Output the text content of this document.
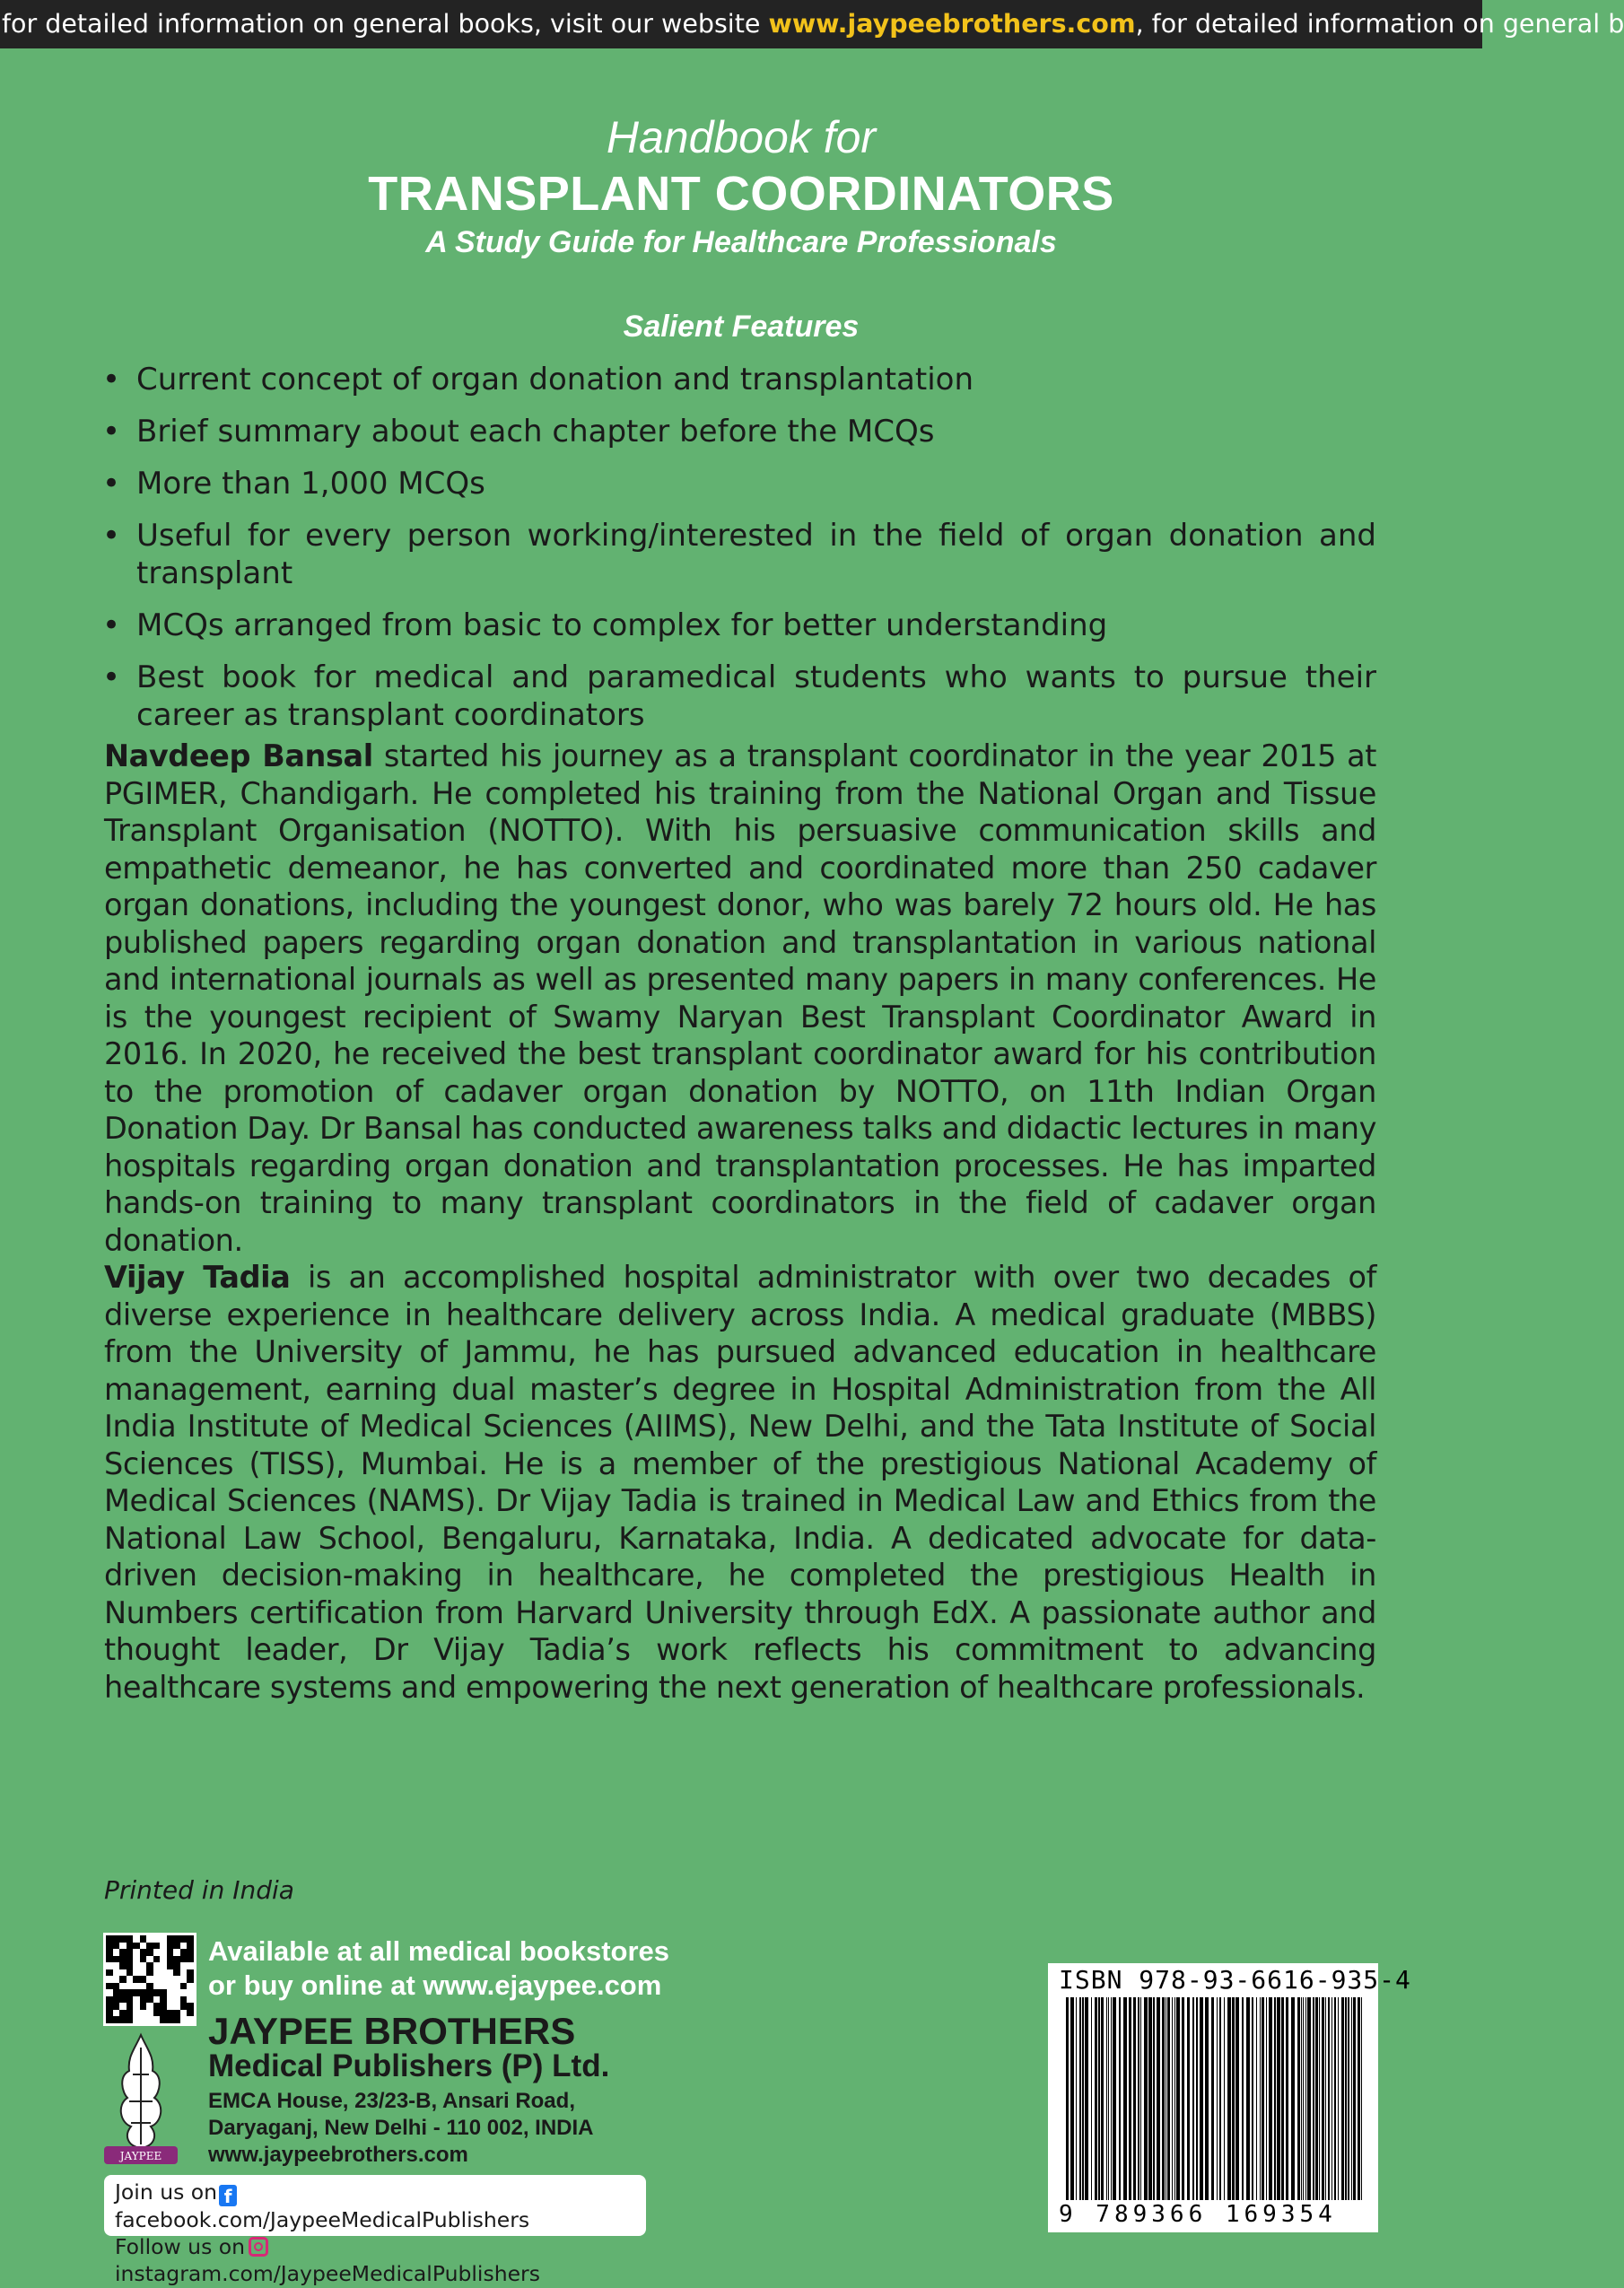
for detailed information on general books, visit our website www.jaypeebrothers.com, for detailed information on general b
Handbook for
TRANSPLANT COORDINATORS
A Study Guide for Healthcare Professionals
Salient Features
• Current concept of organ donation and transplantation
• Brief summary about each chapter before the MCQs
• More than 1,000 MCQs
• Useful for every person working/interested in the field of organ donation and transplant
• MCQs arranged from basic to complex for better understanding
• Best book for medical and paramedical students who wants to pursue their career as transplant coordinators

Navdeep Bansal started his journey as a transplant coordinator in the year 2015 at PGIMER, Chandigarh. He completed his training from the National Organ and Tissue Transplant Organisation (NOTTO). With his persuasive communication skills and empathetic demeanor, he has converted and coordinated more than 250 cadaver organ donations, including the youngest donor, who was barely 72 hours old. He has published papers regarding organ donation and transplantation in various national and international journals as well as presented many papers in many conferences. He is the youngest recipient of Swamy Naryan Best Transplant Coordinator Award in 2016. In 2020, he received the best transplant coordinator award for his contribution to the promotion of cadaver organ donation by NOTTO, on 11th Indian Organ Donation Day. Dr Bansal has conducted awareness talks and didactic lectures in many hospitals regarding organ donation and transplantation processes. He has imparted hands-on training to many transplant coordinators in the field of cadaver organ donation.

Vijay Tadia is an accomplished hospital administrator with over two decades of diverse experience in healthcare delivery across India. A medical graduate (MBBS) from the University of Jammu, he has pursued advanced education in healthcare management, earning dual master’s degree in Hospital Administration from the All India Institute of Medical Sciences (AIIMS), New Delhi, and the Tata Institute of Social Sciences (TISS), Mumbai. He is a member of the prestigious National Academy of Medical Sciences (NAMS). Dr Vijay Tadia is trained in Medical Law and Ethics from the National Law School, Bengaluru, Karnataka, India. A dedicated advocate for data-driven decision-making in healthcare, he completed the prestigious Health in Numbers certification from Harvard University through EdX. A passionate author and thought leader, Dr Vijay Tadia’s work reflects his commitment to advancing healthcare systems and empowering the next generation of healthcare professionals.

Printed in India
Available at all medical bookstores
or buy online at www.ejaypee.com
JAYPEE
JAYPEE BROTHERS
Medical Publishers (P) Ltd.
EMCA House, 23/23-B, Ansari Road,
Daryaganj, New Delhi - 110 002, INDIA
www.jaypeebrothers.com
Join us on ffacebook.com/JaypeeMedicalPublishers
Follow us oninstagram.com/JaypeeMedicalPublishers
ISBN 978-93-6616-935-4
9 789366 169354
